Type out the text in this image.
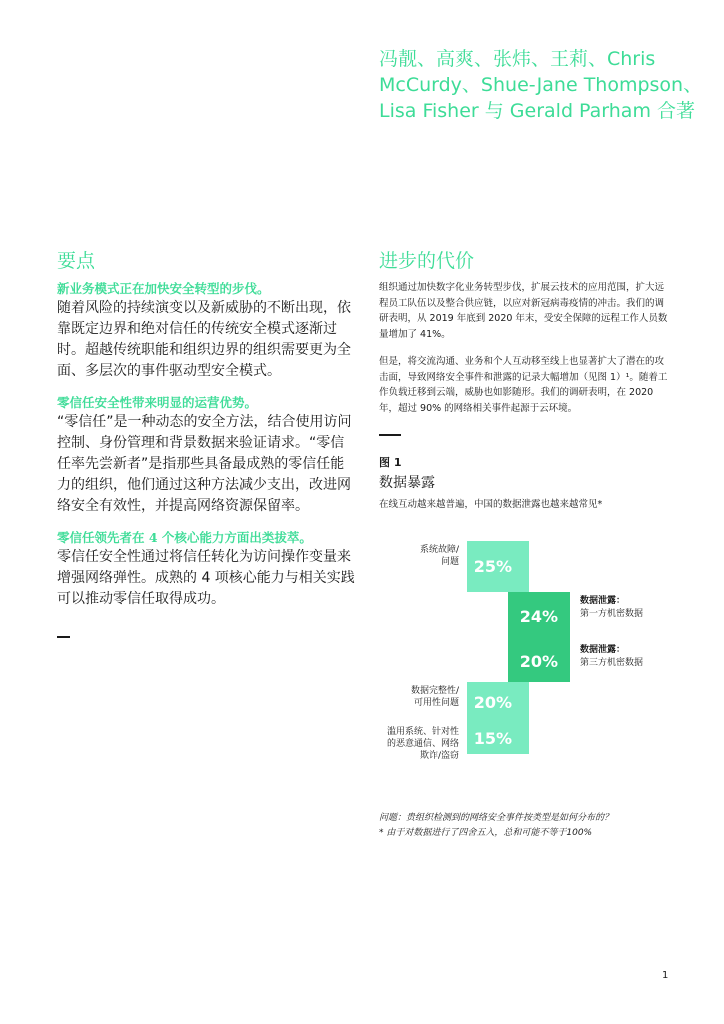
冯靓、高爽、张炜、王莉、Chris
McCurdy、Shue-Jane Thompson、
Lisa Fisher 与 Gerald Parham 合著
要点

新业务模式正在加快安全转型的步伐。

随着风险的持续演变以及新威胁的不断出现，依靠既定边界和绝对信任的传统安全模式逐渐过时。超越传统职能和组织边界的组织需要更为全面、多层次的事件驱动型安全模式。

零信任安全性带来明显的运营优势。

“零信任”是一种动态的安全方法，结合使用访问控制、身份管理和背景数据来验证请求。“零信任率先尝新者”是指那些具备最成熟的零信任能力的组织，他们通过这种方法减少支出，改进网络安全有效性，并提高网络资源保留率。

零信任领先者在 4 个核心能力方面出类拔萃。

零信任安全性通过将信任转化为访问操作变量来增强网络弹性。成熟的 4 项核心能力与相关实践可以推动零信任取得成功。

进步的代价

组织通过加快数字化业务转型步伐，扩展云技术的应用范围，扩大远程员工队伍以及整合供应链，以应对新冠病毒疫情的冲击。我们的调研表明，从 2019 年底到 2020 年末，受安全保障的远程工作人员数量增加了 41%。

但是，将交流沟通、业务和个人互动移至线上也显著扩大了潜在的攻击面，导致网络安全事件和泄露的记录大幅增加（见图 1）¹。随着工作负载迁移到云端，威胁也如影随形。我们的调研表明，在 2020 年，超过 90% 的网络相关事件起源于云环境。

图 1

数据暴露

在线互动越来越普遍，中国的数据泄露也越来越常见*

25%
系统故障/
问题
24%
数据泄露：
第一方机密数据
20%
数据泄露：
第三方机密数据
20%
数据完整性/
可用性问题
15%
滥用系统、针对性
的恶意通信、网络
欺诈/盗窃

问题：贵组织检测到的网络安全事件按类型是如何分布的？

* 由于对数据进行了四舍五入，总和可能不等于100%

1
